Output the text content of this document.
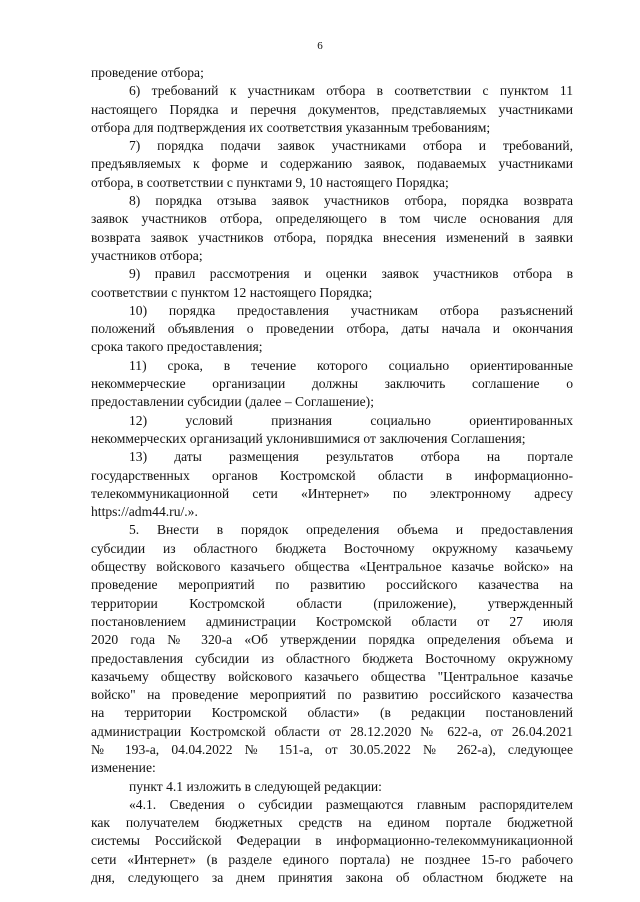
6
проведение отбора;
6) требований к участникам отбора в соответствии с пунктом 11
настоящего Порядка и перечня документов, представляемых участниками
отбора для подтверждения их соответствия указанным требованиям;
7) порядка подачи заявок участниками отбора и требований,
предъявляемых к форме и содержанию заявок, подаваемых участниками
отбора, в соответствии с пунктами 9, 10 настоящего Порядка;
8) порядка отзыва заявок участников отбора, порядка возврата
заявок участников отбора, определяющего в том числе основания для
возврата заявок участников отбора, порядка внесения изменений в заявки
участников отбора;
9) правил рассмотрения и оценки заявок участников отбора в
соответствии с пунктом 12 настоящего Порядка;
10) порядка предоставления участникам отбора разъяснений
положений объявления о проведении отбора, даты начала и окончания
срока такого предоставления;
11) срока, в течение которого социально ориентированные
некоммерческие организации должны заключить соглашение о
предоставлении субсидии (далее – Соглашение);
12) условий признания социально ориентированных
некоммерческих организаций уклонившимися от заключения Соглашения;
13) даты размещения результатов отбора на портале
государственных органов Костромской области в информационно-
телекоммуникационной сети «Интернет» по электронному адресу
https://adm44.ru/.».
5. Внести в порядок определения объема и предоставления
субсидии из областного бюджета Восточному окружному казачьему
обществу войскового казачьего общества «Центральное казачье войско» на
проведение мероприятий по развитию российского казачества на
территории Костромской области (приложение), утвержденный
постановлением администрации Костромской области от 27 июля
2020 года № 320-а «Об утверждении порядка определения объема и
предоставления субсидии из областного бюджета Восточному окружному
казачьему обществу войскового казачьего общества "Центральное казачье
войско" на проведение мероприятий по развитию российского казачества
на территории Костромской области» (в редакции постановлений
администрации Костромской области от 28.12.2020 № 622-а, от 26.04.2021
№ 193-а, 04.04.2022 № 151-а, от 30.05.2022 № 262-а), следующее
изменение:
пункт 4.1 изложить в следующей редакции:
«4.1. Сведения о субсидии размещаются главным распорядителем
как получателем бюджетных средств на едином портале бюджетной
системы Российской Федерации в информационно-телекоммуникационной
сети «Интернет» (в разделе единого портала) не позднее 15-го рабочего
дня, следующего за днем принятия закона об областном бюджете на
